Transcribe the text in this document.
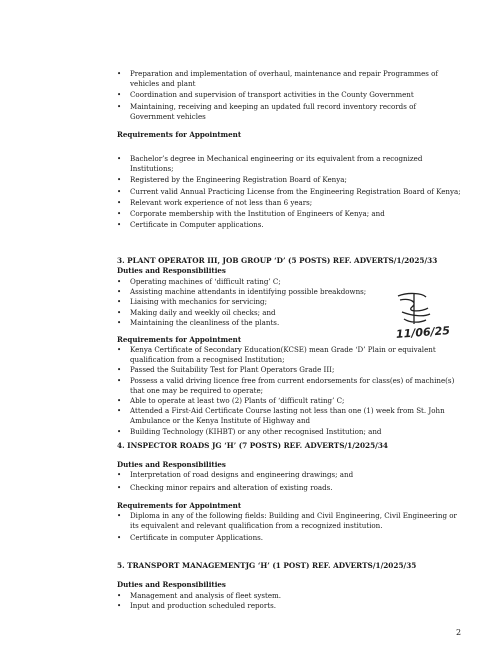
• Preparation and implementation of overhaul, maintenance and repair Programmes of vehicles and plant
• Coordination and supervision of transport activities in the County Government
• Maintaining, receiving and keeping an updated full record inventory records of Government vehicles
Requirements for Appointment
• Bachelor’s degree in Mechanical engineering or its equivalent from a recognized Institutions;
• Registered by the Engineering Registration Board of Kenya;
• Current valid Annual Practicing License from the Engineering Registration Board of Kenya;
• Relevant work experience of not less than 6 years;
• Corporate membership with the Institution of Engineers of Kenya; and
• Certificate in Computer applications.
3. PLANT OPERATOR III, JOB GROUP ‘D’ (5 POSTS) REF. ADVERTS/1/2025/33
Duties and Responsibilities
• Operating machines of ‘difficult rating’ C;
• Assisting machine attendants in identifying possible breakdowns;
• Liaising with mechanics for servicing;
• Making daily and weekly oil checks; and
• Maintaining the cleanliness of the plants.
11/06/25
Requirements for Appointment
• Kenya Certificate of Secondary Education(KCSE) mean Grade ‘D’ Plain or equivalent qualification from a recognised Institution;
• Passed the Suitability Test for Plant Operators Grade III;
• Possess a valid driving licence free from current endorsements for class(es) of machine(s) that one may be required to operate;
• Able to operate at least two (2) Plants of ‘difficult rating’ C;
• Attended a First-Aid Certificate Course lasting not less than one (1) week from St. John Ambulance or the Kenya Institute of Highway and
• Building Technology (KIHBT) or any other recognised Institution; and
4. INSPECTOR ROADS JG ‘H’ (7 POSTS) REF. ADVERTS/1/2025/34
Duties and Responsibilities
• Interpretation of road designs and engineering drawings; and
• Checking minor repairs and alteration of existing roads.
Requirements for Appointment
• Diploma in any of the following fields: Building and Civil Engineering, Civil Engineering or its equivalent and relevant qualification from a recognized institution.
• Certificate in computer Applications.
5. TRANSPORT MANAGEMENTJG ‘H’ (1 POST) REF. ADVERTS/1/2025/35
Duties and Responsibilities
• Management and analysis of fleet system.
• Input and production scheduled reports.
2
